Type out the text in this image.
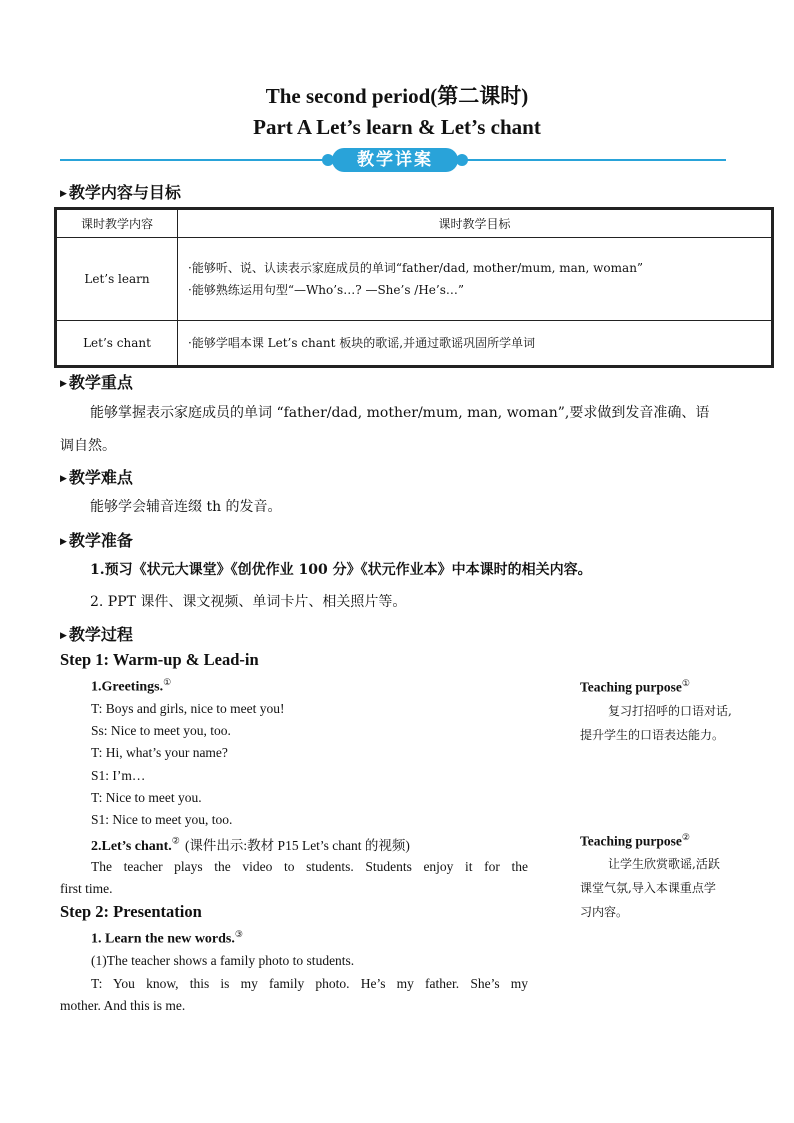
The second period(第二课时)
Part A Let’s learn & Let’s chant
教学详案
▶ 教学内容与目标
课时教学内容	课时教学目标
Let’s learn	·能够听、说、认读表示家庭成员的单词“father/dad, mother/mum, man, woman”
·能够熟练运用句型“—Who’s…? —She’s /He’s…”

Let’s chant	·能够学唱本课 Let’s chant 板块的歌谣,并通过歌谣巩固所学单词
▶ 教学重点
能够掌握表示家庭成员的单词 “father/dad, mother/mum, man, woman”,要求做到发音准确、语
调自然。
▶ 教学难点
能够学会辅音连缀 th 的发音。
▶ 教学准备
1.预习《状元大课堂》《创优作业 100 分》《状元作业本》中本课时的相关内容。
2. PPT 课件、课文视频、单词卡片、相关照片等。
▶ 教学过程
Step 1: Warm-up & Lead-in
1.Greetings.①
T: Boys and girls, nice to meet you!
Ss: Nice to meet you, too.
T: Hi, what’s your name?
S1: I’m…
T: Nice to meet you.
S1: Nice to meet you, too.
2.Let’s chant.② (课件出示:教材 P15 Let’s chant 的视频)
The teacher plays the video to students. Students enjoy it for the
first time.
Step 2: Presentation
1. Learn the new words.③
(1)The teacher shows a family photo to students.
T: You know, this is my family photo. He’s my father. She’s my
mother. And this is me.
Teaching purpose①
复习打招呼的口语对话,
提升学生的口语表达能力。
Teaching purpose②
让学生欣赏歌谣,活跃
课堂气氛,导入本课重点学
习内容。
